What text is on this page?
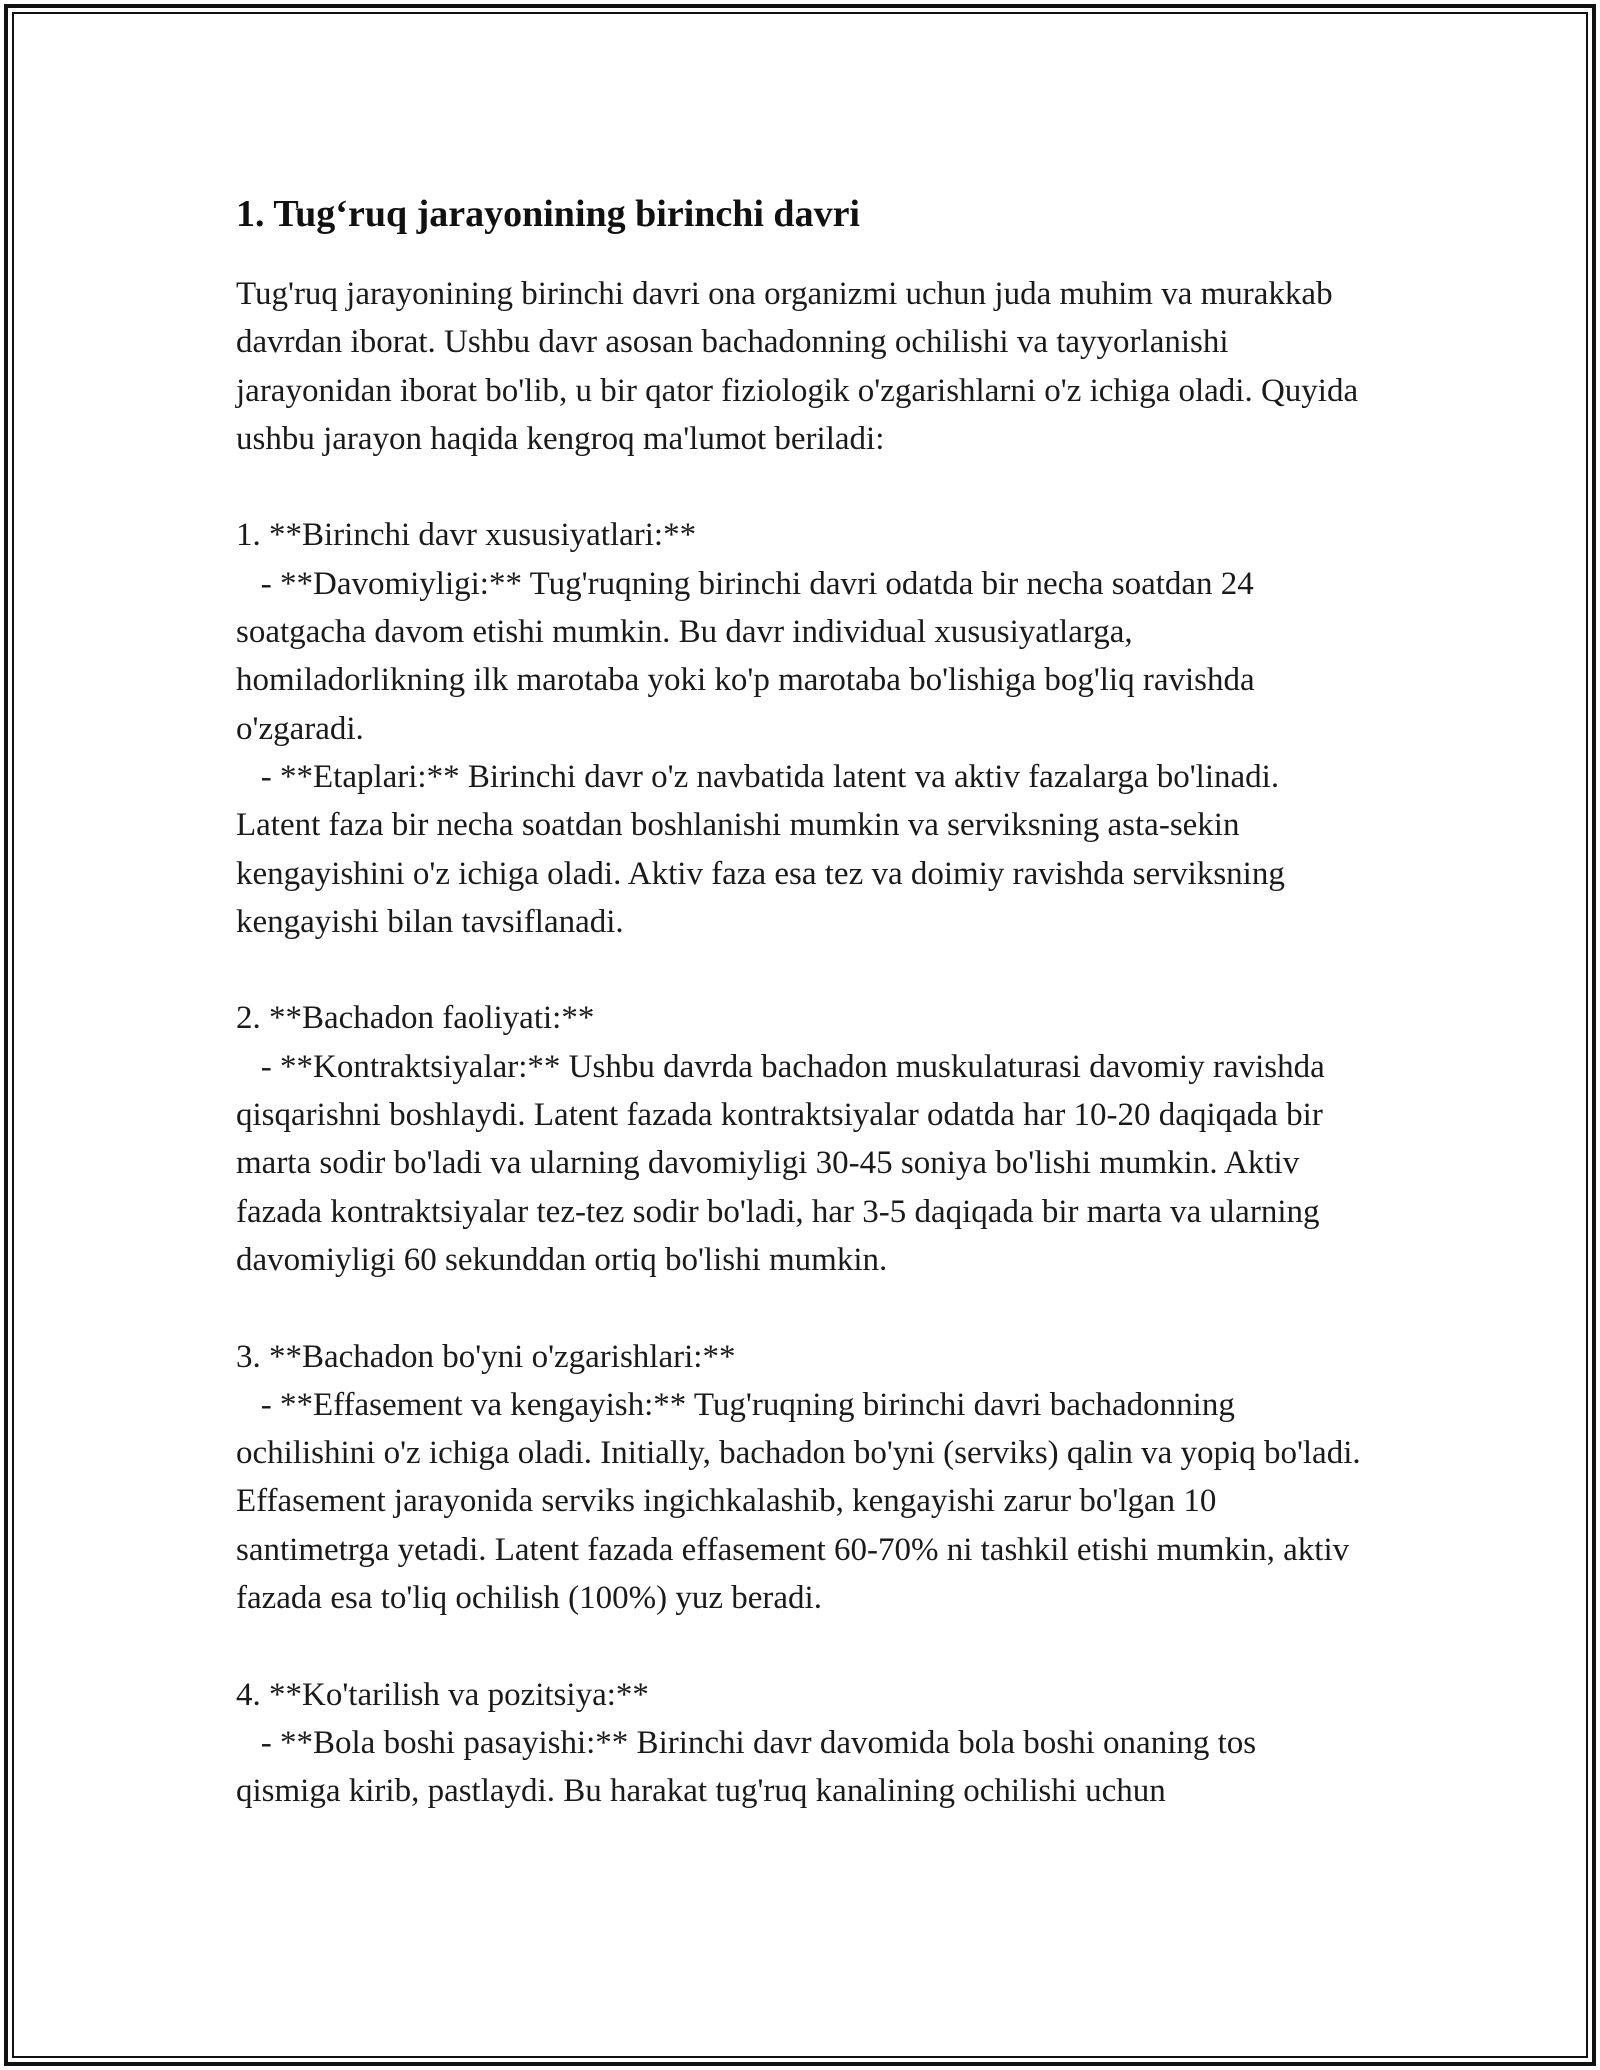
1. Tug‘ruq jarayonining birinchi davri

Tug'ruq jarayonining birinchi davri ona organizmi uchun juda muhim va murakkab davrdan iborat. Ushbu davr asosan bachadonning ochilishi va tayyorlanishi jarayonidan iborat bo'lib, u bir qator fiziologik o'zgarishlarni o'z ichiga oladi. Quyida ushbu jarayon haqida kengroq ma'lumot beriladi:

1. **Birinchi davr xususiyatlari:**

- **Davomiyligi:** Tug'ruqning birinchi davri odatda bir necha soatdan 24 soatgacha davom etishi mumkin. Bu davr individual xususiyatlarga, homiladorlikning ilk marotaba yoki ko'p marotaba bo'lishiga bog'liq ravishda o'zgaradi.

- **Etaplari:** Birinchi davr o'z navbatida latent va aktiv fazalarga bo'linadi. Latent faza bir necha soatdan boshlanishi mumkin va serviksning asta-sekin kengayishini o'z ichiga oladi. Aktiv faza esa tez va doimiy ravishda serviksning kengayishi bilan tavsiflanadi.

2. **Bachadon faoliyati:**

- **Kontraktsiyalar:** Ushbu davrda bachadon muskulaturasi davomiy ravishda qisqarishni boshlaydi. Latent fazada kontraktsiyalar odatda har 10-20 daqiqada bir marta sodir bo'ladi va ularning davomiyligi 30-45 soniya bo'lishi mumkin. Aktiv fazada kontraktsiyalar tez-tez sodir bo'ladi, har 3-5 daqiqada bir marta va ularning davomiyligi 60 sekunddan ortiq bo'lishi mumkin.

3. **Bachadon bo'yni o'zgarishlari:**

- **Effasement va kengayish:** Tug'ruqning birinchi davri bachadonning ochilishini o'z ichiga oladi. Initially, bachadon bo'yni (serviks) qalin va yopiq bo'ladi. Effasement jarayonida serviks ingichkalashib, kengayishi zarur bo'lgan 10 santimetrga yetadi. Latent fazada effasement 60-70% ni tashkil etishi mumkin, aktiv fazada esa to'liq ochilish (100%) yuz beradi.

4. **Ko'tarilish va pozitsiya:**

- **Bola boshi pasayishi:** Birinchi davr davomida bola boshi onaning tos qismiga kirib, pastlaydi. Bu harakat tug'ruq kanalining ochilishi uchun
